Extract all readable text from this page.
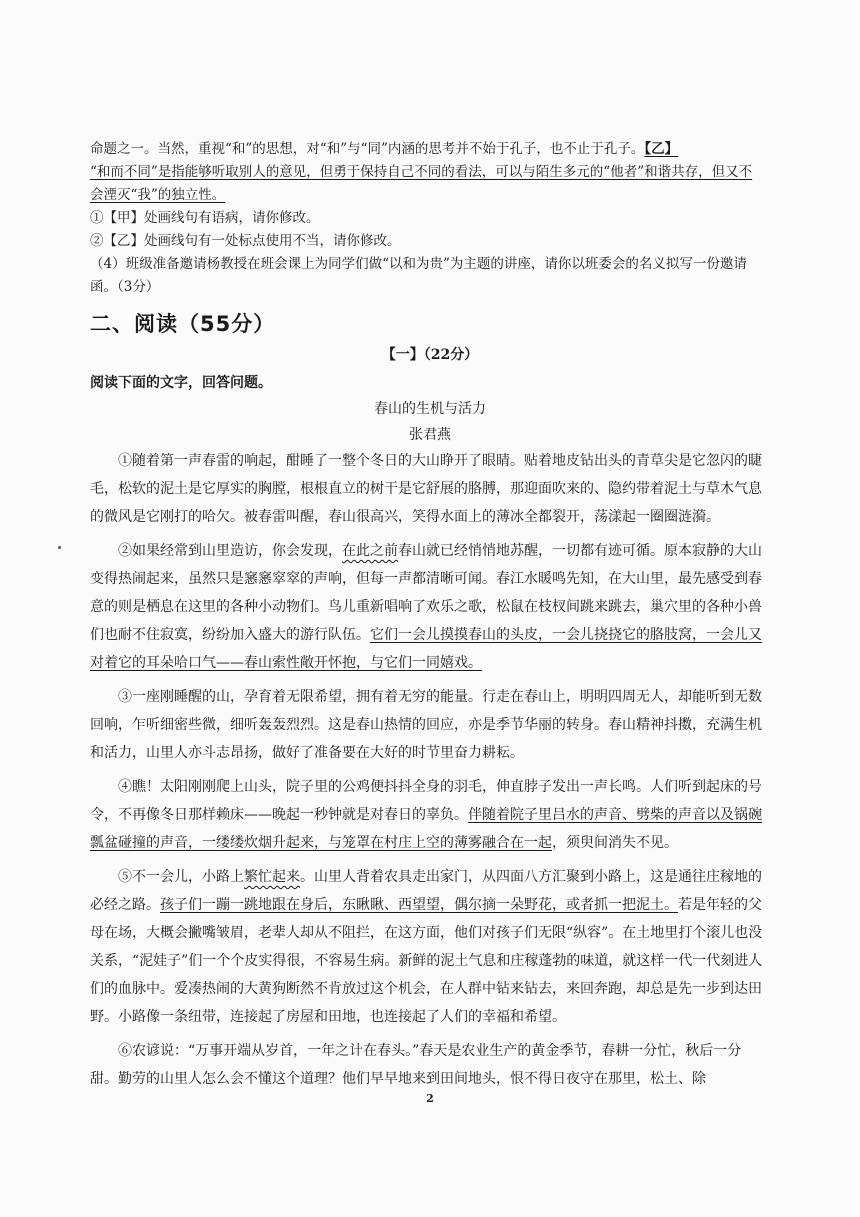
命题之一。当然，重视“和”的思想，对“和”与“同”内涵的思考并不始于孔子，也不止于孔子。【乙】
“和而不同”是指能够听取别人的意见，但勇于保持自己不同的看法，可以与陌生多元的“他者”和谐共存，但又不会湮灭“我”的独立性。
①【甲】处画线句有语病，请你修改。
②【乙】处画线句有一处标点使用不当，请你修改。
（4）班级准备邀请杨教授在班会课上为同学们做“以和为贵”为主题的讲座，请你以班委会的名义拟写一份邀请函。（3分）
二、阅读（55分）
【一】（22分）
阅读下面的文字，回答问题。
春山的生机与活力
张君燕

①随着第一声春雷的响起，酣睡了一整个冬日的大山睁开了眼睛。贴着地皮钻出头的青草尖是它忽闪的睫毛，松软的泥土是它厚实的胸膛，根根直立的树干是它舒展的胳膊，那迎面吹来的、隐约带着泥土与草木气息的微风是它刚打的哈欠。被春雷叫醒，春山很高兴，笑得水面上的薄冰全都裂开，荡漾起一圈圈涟漪。

②如果经常到山里造访，你会发现，在此之前春山就已经悄悄地苏醒，一切都有迹可循。原本寂静的大山变得热闹起来，虽然只是窸窸窣窣的声响，但每一声都清晰可闻。春江水暖鸣先知，在大山里，最先感受到春意的则是栖息在这里的各种小动物们。鸟儿重新唱响了欢乐之歌，松鼠在枝杈间跳来跳去，巢穴里的各种小兽们也耐不住寂寞，纷纷加入盛大的游行队伍。它们一会儿摸摸春山的头皮，一会儿挠挠它的胳肢窝，一会儿又对着它的耳朵哈口气——春山索性敞开怀抱，与它们一同嬉戏。

③一座刚睡醒的山，孕育着无限希望，拥有着无穷的能量。行走在春山上，明明四周无人，却能听到无数回响，乍听细密些微，细听轰轰烈烈。这是春山热情的回应，亦是季节华丽的转身。春山精神抖擞，充满生机和活力，山里人亦斗志昂扬，做好了准备要在大好的时节里奋力耕耘。

④瞧！太阳刚刚爬上山头，院子里的公鸡便抖抖全身的羽毛，伸直脖子发出一声长鸣。人们听到起床的号令，不再像冬日那样赖床——晚起一秒钟就是对春日的辜负。伴随着院子里吕水的声音、劈柴的声音以及锅碗瓢盆碰撞的声音，一缕缕炊烟升起来，与笼罩在村庄上空的薄雾融合在一起，须臾间消失不见。

⑤不一会儿，小路上繁忙起来。山里人背着农具走出家门，从四面八方汇聚到小路上，这是通往庄稼地的必经之路。孩子们一蹦一跳地跟在身后，东瞅瞅、西望望，偶尔摘一朵野花，或者抓一把泥土。若是年轻的父母在场，大概会撇嘴皱眉，老辈人却从不阻拦，在这方面，他们对孩子们无限“纵容”。在土地里打个滚儿也没关系，“泥娃子”们一个个皮实得很，不容易生病。新鲜的泥土气息和庄稼蓬勃的味道，就这样一代一代刻进人们的血脉中。爱凑热闹的大黄狗断然不肯放过这个机会，在人群中钻来钻去，来回奔跑，却总是先一步到达田野。小路像一条纽带，连接起了房屋和田地，也连接起了人们的幸福和希望。

⑥农谚说：“万事开端从岁首，一年之计在春头。”春天是农业生产的黄金季节，春耕一分忙，秋后一分甜。勤劳的山里人怎么会不懂这个道理？他们早早地来到田间地头，恨不得日夜守在那里，松土、除

2
